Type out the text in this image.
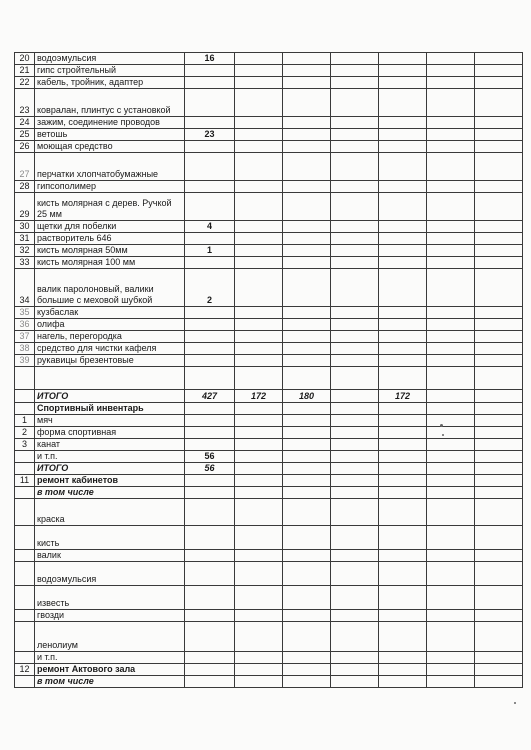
20	водоэмульсия	16						
21	гипс стройтельный							
22	кабель, тройник, адаптер							
23	ковралан, плинтус с установкой							
24	зажим, соединение проводов							
25	ветошь	23						
26	моющая средство							
27	перчатки хлопчатобумажные							
28	гипсополимер							
29	кисть молярная с дерев. Ручкой 25 мм							
30	щетки для побелки	4						
31	растворитель 646							
32	кисть молярная 50мм	1						
33	кисть молярная 100 мм							
34	валик паролоновый, валики большие с меховой шубкой	2						
35	кузбаслак							
36	олифа							
37	нагель, перегородка							
38	средство для чистки кафеля							
39	рукавицы брезентовые							

	ИТОГО	427	172	180		172		
	Спортивный инвентарь							
1	мяч							
2	форма спортивная							
3	канат							
	и т.п.	56						
	ИТОГО	56						
11	ремонт кабинетов							
	в том числе							
	краска							
	кисть							
	валик							
	водоэмульсия							
	известь							
	гвозди							
	ленолиум							
	и т.п.							
12	ремонт Актового зала							
	в том числе							
